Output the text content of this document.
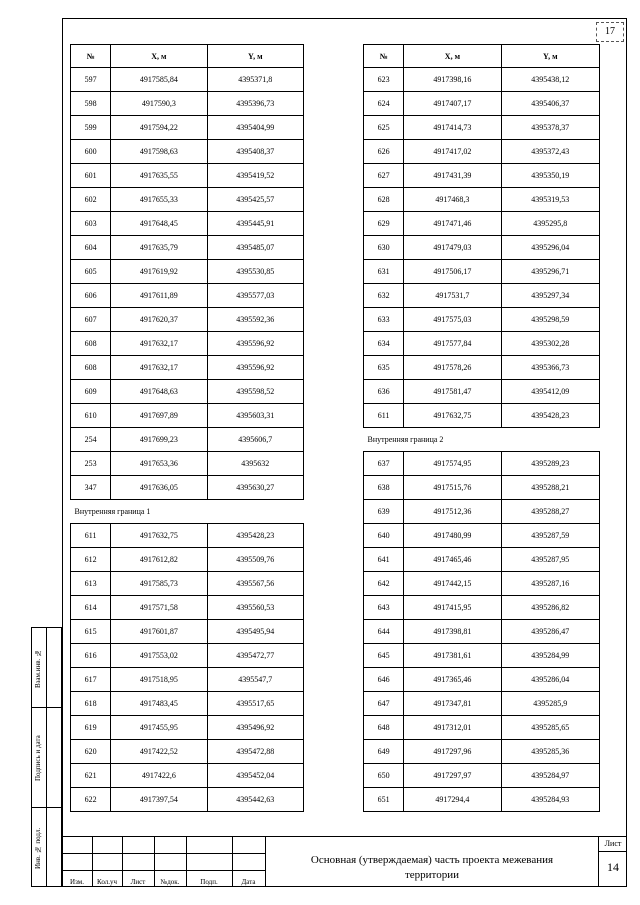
17
№	X, м	Y, м
597	4917585,84	4395371,8
598	4917590,3	4395396,73
599	4917594,22	4395404,99
600	4917598,63	4395408,37
601	4917635,55	4395419,52
602	4917655,33	4395425,57
603	4917648,45	4395445,91
604	4917635,79	4395485,07
605	4917619,92	4395530,85
606	4917611,89	4395577,03
607	4917620,37	4395592,36
608	4917632,17	4395596,92
608	4917632,17	4395596,92
609	4917648,63	4395598,52
610	4917697,89	4395603,31
254	4917699,23	4395606,7
253	4917653,36	4395632
347	4917636,05	4395630,27
Внутренняя граница 1		
611	4917632,75	4395428,23
612	4917612,82	4395509,76
613	4917585,73	4395567,56
614	4917571,58	4395560,53
615	4917601,87	4395495,94
616	4917553,02	4395472,77
617	4917518,95	4395547,7
618	4917483,45	4395517,65
619	4917455,95	4395496,92
620	4917422,52	4395472,88
621	4917422,6	4395452,04
622	4917397,54	4395442,63
№	X, м	Y, м
623	4917398,16	4395438,12
624	4917407,17	4395406,37
625	4917414,73	4395378,37
626	4917417,02	4395372,43
627	4917431,39	4395350,19
628	4917468,3	4395319,53
629	4917471,46	4395295,8
630	4917479,03	4395296,04
631	4917506,17	4395296,71
632	4917531,7	4395297,34
633	4917575,03	4395298,59
634	4917577,84	4395302,28
635	4917578,26	4395366,73
636	4917581,47	4395412,09
611	4917632,75	4395428,23
Внутренняя граница 2		
637	4917574,95	4395289,23
638	4917515,76	4395288,21
639	4917512,36	4395288,27
640	4917480,99	4395287,59
641	4917465,46	4395287,95
642	4917442,15	4395287,16
643	4917415,95	4395286,82
644	4917398,81	4395286,47
645	4917381,61	4395284,99
646	4917365,46	4395286,04
647	4917347,81	4395285,9
648	4917312,01	4395285,65
649	4917297,96	4395285,36
650	4917297,97	4395284,97
651	4917294,4	4395284,93
Взам.инв. №
Подпись и дата
Инв. № подл.
Изм.	Кол.уч	Лист	№док.	Подп.	Дата
Основная (утверждаемая) часть проекта межевания территории
Лист
14
